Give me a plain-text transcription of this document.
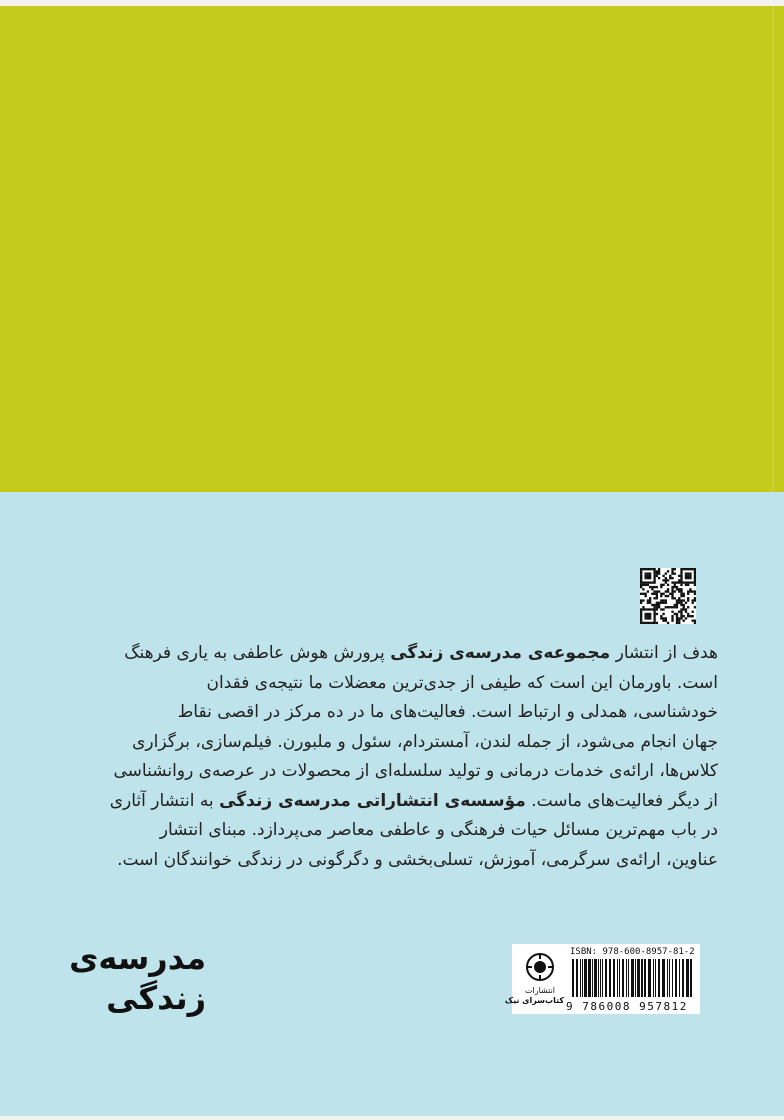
هدف از انتشار مجموعه‌ی مدرسه‌ی زندگی پرورش هوش عاطفی به یاری فرهنگ
است. باورمان این است که طیفی از جدی‌ترین معضلات ما نتیجه‌ی فقدان
خودشناسی، همدلی و ارتباط است. فعالیت‌های ما در ده مرکز در اقصی نقاط
جهان انجام می‌شود، از جمله لندن، آمستردام، سئول و ملبورن. فیلم‌سازی، برگزاری
کلاس‌ها، ارائه‌ی خدمات درمانی و تولید سلسله‌ای از محصولات در عرصه‌ی روانشناسی
از دیگر فعالیت‌های ماست. مؤسسه‌ی انتشاراتی مدرسه‌ی زندگی به انتشار آثاری
در باب مهم‌ترین مسائل حیات فرهنگی و عاطفی معاصر می‌پردازد. مبنای انتشار
عناوین، ارائه‌ی سرگرمی، آموزش، تسلی‌بخشی و دگرگونی در زندگی خوانندگان است.
مدرسه‌ی
زندگی	انتشارات
کتاب‌سرای نیک
ISBN: 978-600-8957-81-2
9 786008 957812
